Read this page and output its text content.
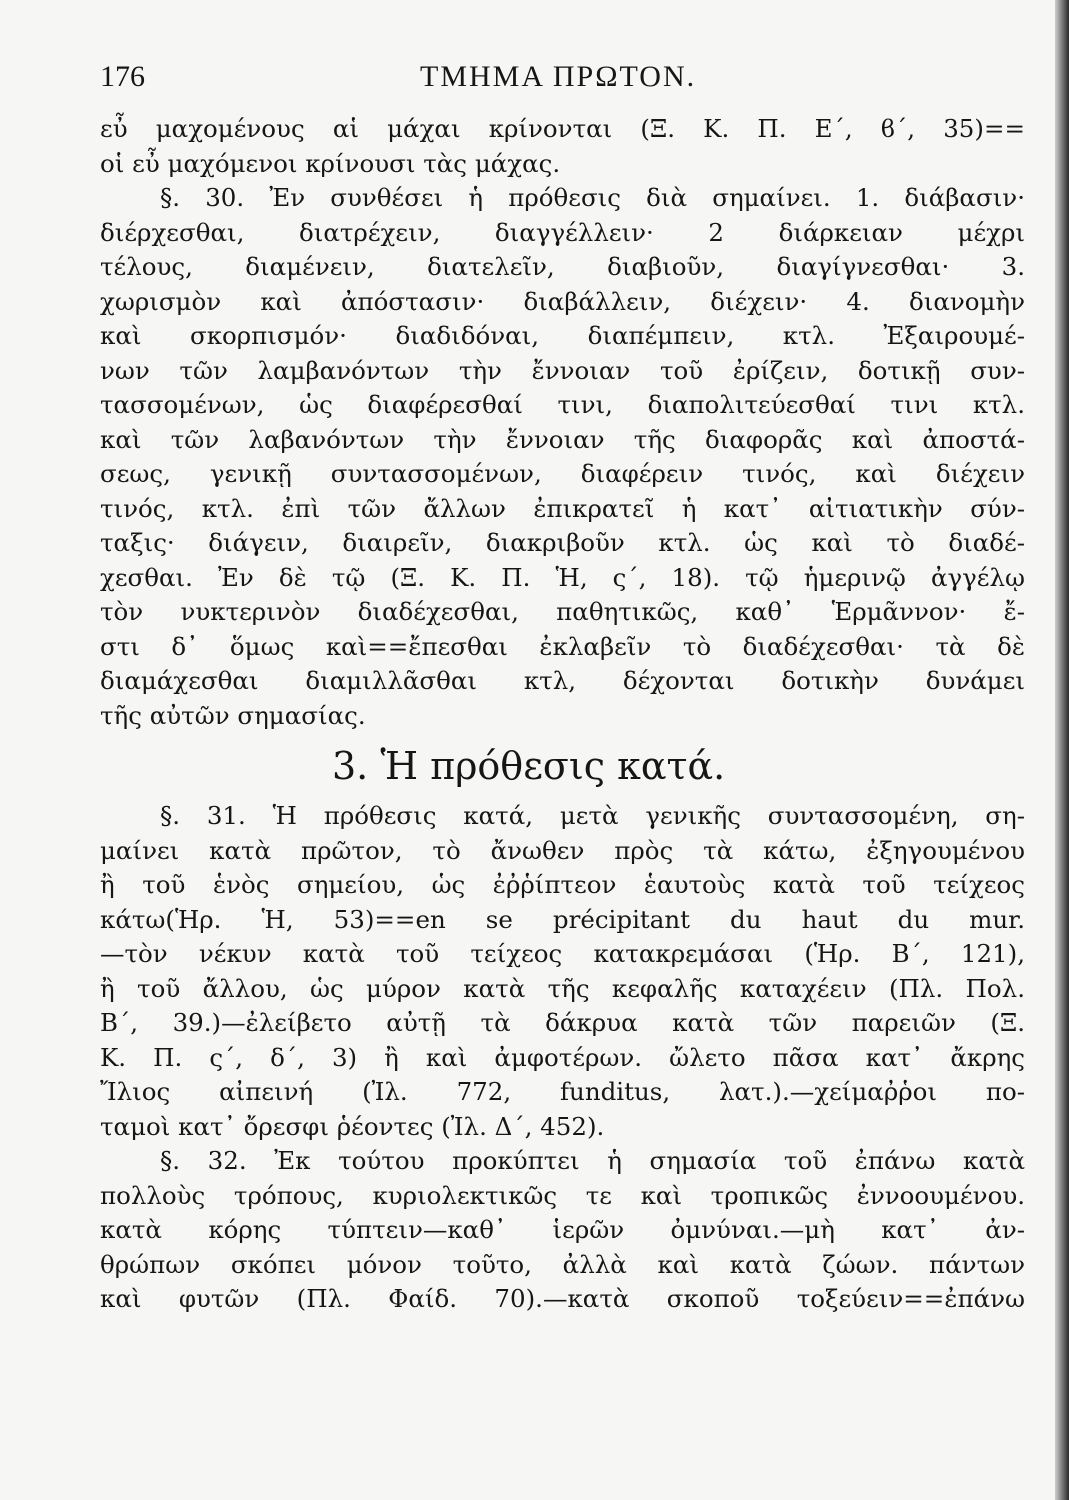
176	ΤΜΗΜΑ ΠΡΩΤΟΝ.
εὖ μαχομένους αἱ μάχαι κρίνονται (Ξ. Κ. Π. Ε΄, ϐ΄, 35)==
οἱ εὖ μαχόμενοι κρίνουσι τὰς μάχας.
§. 30. Ἐν συνθέσει ἡ πρόθεσις διὰ σημαίνει. 1. διάβασιν·
διέρχεσθαι, διατρέχειν, διαγγέλλειν· 2 διάρκειαν μέχρι
τέλους, διαμένειν, διατελεῖν, διαβιοῦν, διαγίγνεσθαι· 3.
χωρισμὸν καὶ ἀπόστασιν· διαβάλλειν, διέχειν· 4. διανομὴν
καὶ σκορπισμόν· διαδιδόναι, διαπέμπειν, κτλ. Ἐξαιρουμέ-
νων τῶν λαμβανόντων τὴν ἔννοιαν τοῦ ἐρίζειν, δοτικῇ συν-
τασσομένων, ὡς διαφέρεσθαί τινι, διαπολιτεύεσθαί τινι κτλ.
καὶ τῶν λαβανόντων τὴν ἔννοιαν τῆς διαφορᾶς καὶ ἀποστά-
σεως, γενικῇ συντασσομένων, διαφέρειν τινός, καὶ διέχειν
τινός, κτλ. ἐπὶ τῶν ἄλλων ἐπικρατεῖ ἡ κατ᾽ αἰτιατικὴν σύν-
ταξις· διάγειν, διαιρεῖν, διακριβοῦν κτλ. ὡς καὶ τὸ διαδέ-
χεσθαι. Ἐν δὲ τῷ (Ξ. Κ. Π. Ἡ, ς΄, 18). τῷ ἡμερινῷ ἀγγέλῳ
τὸν νυκτερινὸν διαδέχεσθαι, παθητικῶς, καθ᾽ Ἑρμᾶννον· ἔ-
στι δ᾽ ὅμως καὶ==ἔπεσθαι ἐκλαβεῖν τὸ διαδέχεσθαι· τὰ δὲ
διαμάχεσθαι διαμιλλᾶσθαι κτλ, δέχονται δοτικὴν δυνάμει
τῆς αὐτῶν σημασίας.
3. Ἡ πρόθεσις κατά.
§. 31. Ἡ πρόθεσις κατά, μετὰ γενικῆς συντασσομένη, ση-
μαίνει κατὰ πρῶτον, τὸ ἄνωθεν πρὸς τὰ κάτω, ἐξηγουμένου
ἢ τοῦ ἑνὸς σημείου, ὡς ἐῤῥίπτεον ἑαυτοὺς κατὰ τοῦ τείχεος
κάτω(Ἡρ. Ἡ, 53)==en se précipitant du haut du mur.
—τὸν νέκυν κατὰ τοῦ τείχεος κατακρεμάσαι (Ἡρ. Β΄, 121),
ἢ τοῦ ἄλλου, ὡς μύρον κατὰ τῆς κεφαλῆς καταχέειν (Πλ. Πολ.
Β΄, 39.)—ἐλείβετο αὐτῇ τὰ δάκρυα κατὰ τῶν παρειῶν (Ξ.
Κ. Π. ς΄, δ΄, 3) ἢ καὶ ἀμφοτέρων. ὤλετο πᾶσα κατ᾽ ἄκρης
Ἴλιος αἰπεινή (Ἰλ. 772, funditus, λατ.).—χείμαῤῥοι πο-
ταμοὶ κατ᾽ ὄρεσφι ῥέοντες (Ἰλ. Δ΄, 452).
§. 32. Ἐκ τούτου προκύπτει ἡ σημασία τοῦ ἐπάνω κατὰ
πολλοὺς τρόπους, κυριολεκτικῶς τε καὶ τροπικῶς ἐννοουμένου.
κατὰ κόρης τύπτειν—καθ᾽ ἱερῶν ὀμνύναι.—μὴ κατ᾽ ἀν-
θρώπων σκόπει μόνον τοῦτο, ἀλλὰ καὶ κατὰ ζώων. πάντων
καὶ φυτῶν (Πλ. Φαίδ. 70).—κατὰ σκοποῦ τοξεύειν==ἐπάνω
